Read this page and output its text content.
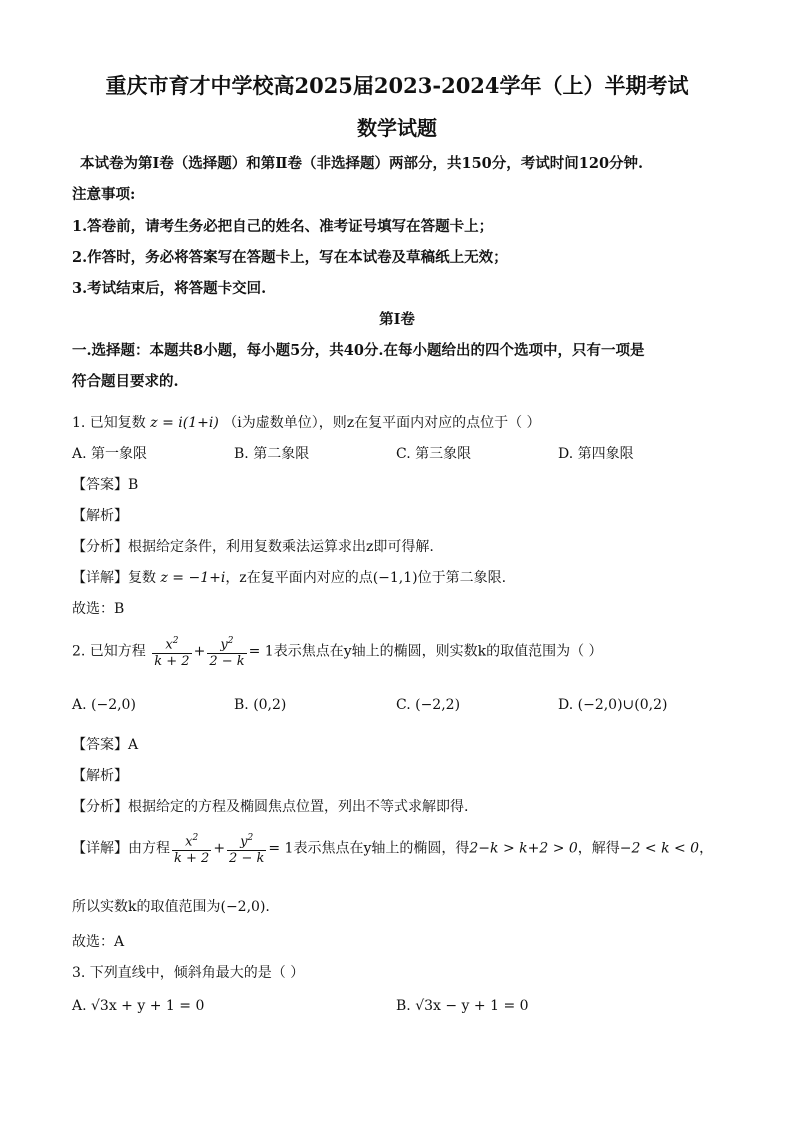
重庆市育才中学校高2025届2023-2024学年（上）半期考试
数学试题
本试卷为第Ⅰ卷（选择题）和第Ⅱ卷（非选择题）两部分，共150分，考试时间120分钟.
注意事项:
1.答卷前，请考生务必把自己的姓名、准考证号填写在答题卡上；
2.作答时，务必将答案写在答题卡上，写在本试卷及草稿纸上无效；
3.考试结束后，将答题卡交回.
第Ⅰ卷
一.选择题：本题共8小题，每小题5分，共40分.在每小题给出的四个选项中，只有一项是
符合题目要求的.
1. 已知复数 z = i(1+i) （i为虚数单位），则z在复平面内对应的点位于（ ）
A. 第一象限	B. 第二象限	C. 第三象限	D. 第四象限
【答案】B
【解析】
【分析】根据给定条件，利用复数乘法运算求出z即可得解.
【详解】复数 z = −1+i，z在复平面内对应的点(−1,1)位于第二象限.
故选：B
2. 已知方程 $\frac{x^2}{k + 2} + \frac{y^2}{2 - k} = 1$表示焦点在y轴上的椭圆，则实数k的取值范围为（ ）
A. (−2,0)	B. (0,2)	C. (−2,2)	D. (−2,0)∪(0,2)
【答案】A
【解析】
【分析】根据给定的方程及椭圆焦点位置，列出不等式求解即得.
【详解】由方程 $\frac{x^2}{k + 2} + \frac{y^2}{2 - k} = 1$表示焦点在y轴上的椭圆，得2−k > k+2 > 0，解得−2 < k < 0，
所以实数k的取值范围为(−2,0).
故选：A
3. 下列直线中，倾斜角最大的是（ ）
A. √3x + y + 1 = 0	B. √3x − y + 1 = 0
